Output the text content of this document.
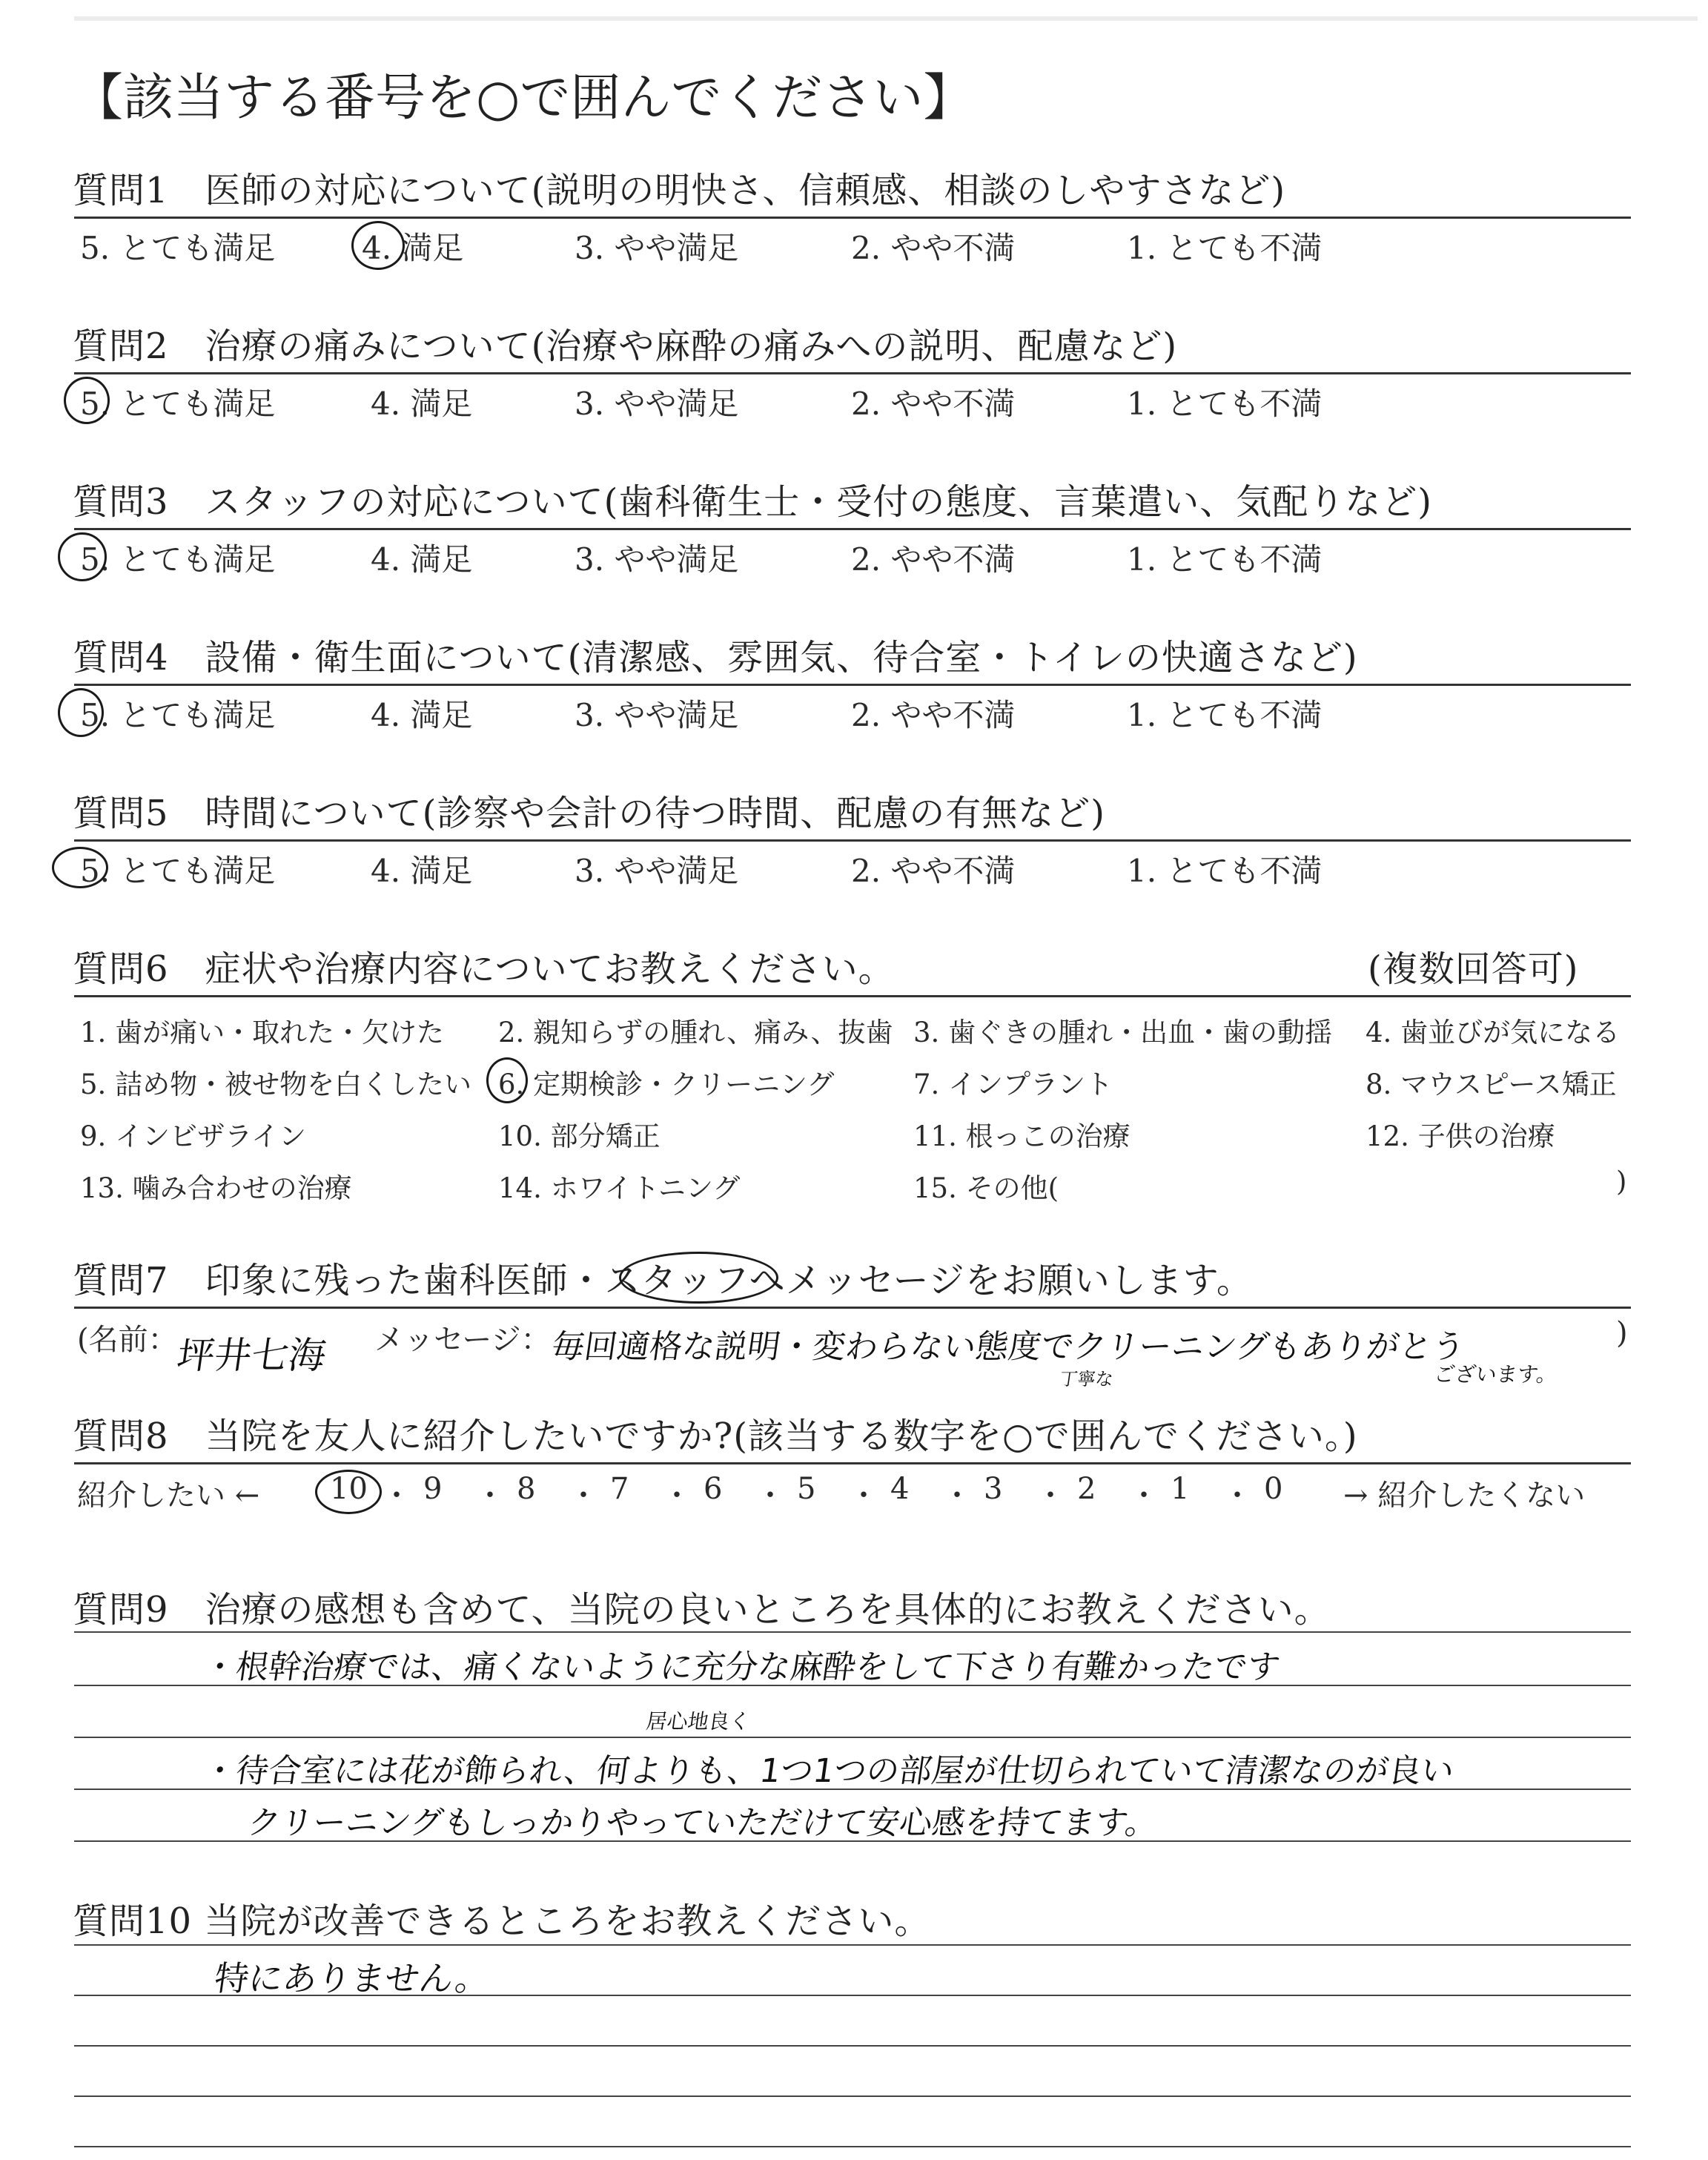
【該当する番号を○で囲んでください】
質問1　医師の対応について(説明の明快さ、信頼感、相談のしやすさなど)
5. とても満足	4. 満足	3. やや満足	2. やや不満	1. とても不満
質問2　治療の痛みについて(治療や麻酔の痛みへの説明、配慮など)
5. とても満足	4. 満足	3. やや満足	2. やや不満	1. とても不満
質問3　スタッフの対応について(歯科衛生士・受付の態度、言葉遣い、気配りなど)
5. とても満足	4. 満足	3. やや満足	2. やや不満	1. とても不満
質問4　設備・衛生面について(清潔感、雰囲気、待合室・トイレの快適さなど)
5. とても満足	4. 満足	3. やや満足	2. やや不満	1. とても不満
質問5　時間について(診察や会計の待つ時間、配慮の有無など)
5. とても満足	4. 満足	3. やや満足	2. やや不満	1. とても不満
質問6　症状や治療内容についてお教えください。	(複数回答可)
1. 歯が痛い・取れた・欠けた 2. 親知らずの腫れ、痛み、抜歯 3. 歯ぐきの腫れ・出血・歯の動揺 4. 歯並びが気になる
5. 詰め物・被せ物を白くしたい 6. 定期検診・クリーニング	7. インプラント	8. マウスピース矯正
9. インビザライン	10. 部分矯正	11. 根っこの治療	12. 子供の治療
13. 噛み合わせの治療	14. ホワイトニング	15. その他(	)
質問7　印象に残った歯科医師・スタッフへメッセージをお願いします。
(名前：
坪井七海 メッセージ：
毎回適格な説明・変わらない態度でクリーニングもありがとう
丁寧な	ございます。
)
質問8　当院を友人に紹介したいですか?(該当する数字を○で囲んでください。)
紹介したい ← 10 ・ 9 ・ 8 ・ 7 ・ 6 ・ 5 ・ 4 ・ 3 ・ 2 ・ 1 ・ 0 → 紹介したくない
質問9　治療の感想も含めて、当院の良いところを具体的にお教えください。
・根幹治療では、痛くないように充分な麻酔をして下さり有難かったです
居心地良く
・待合室には花が飾られ、何よりも、1つ1つの部屋が仕切られていて清潔なのが良い
クリーニングもしっかりやっていただけて安心感を持てます。
質問10 当院が改善できるところをお教えください。
特にありません。
